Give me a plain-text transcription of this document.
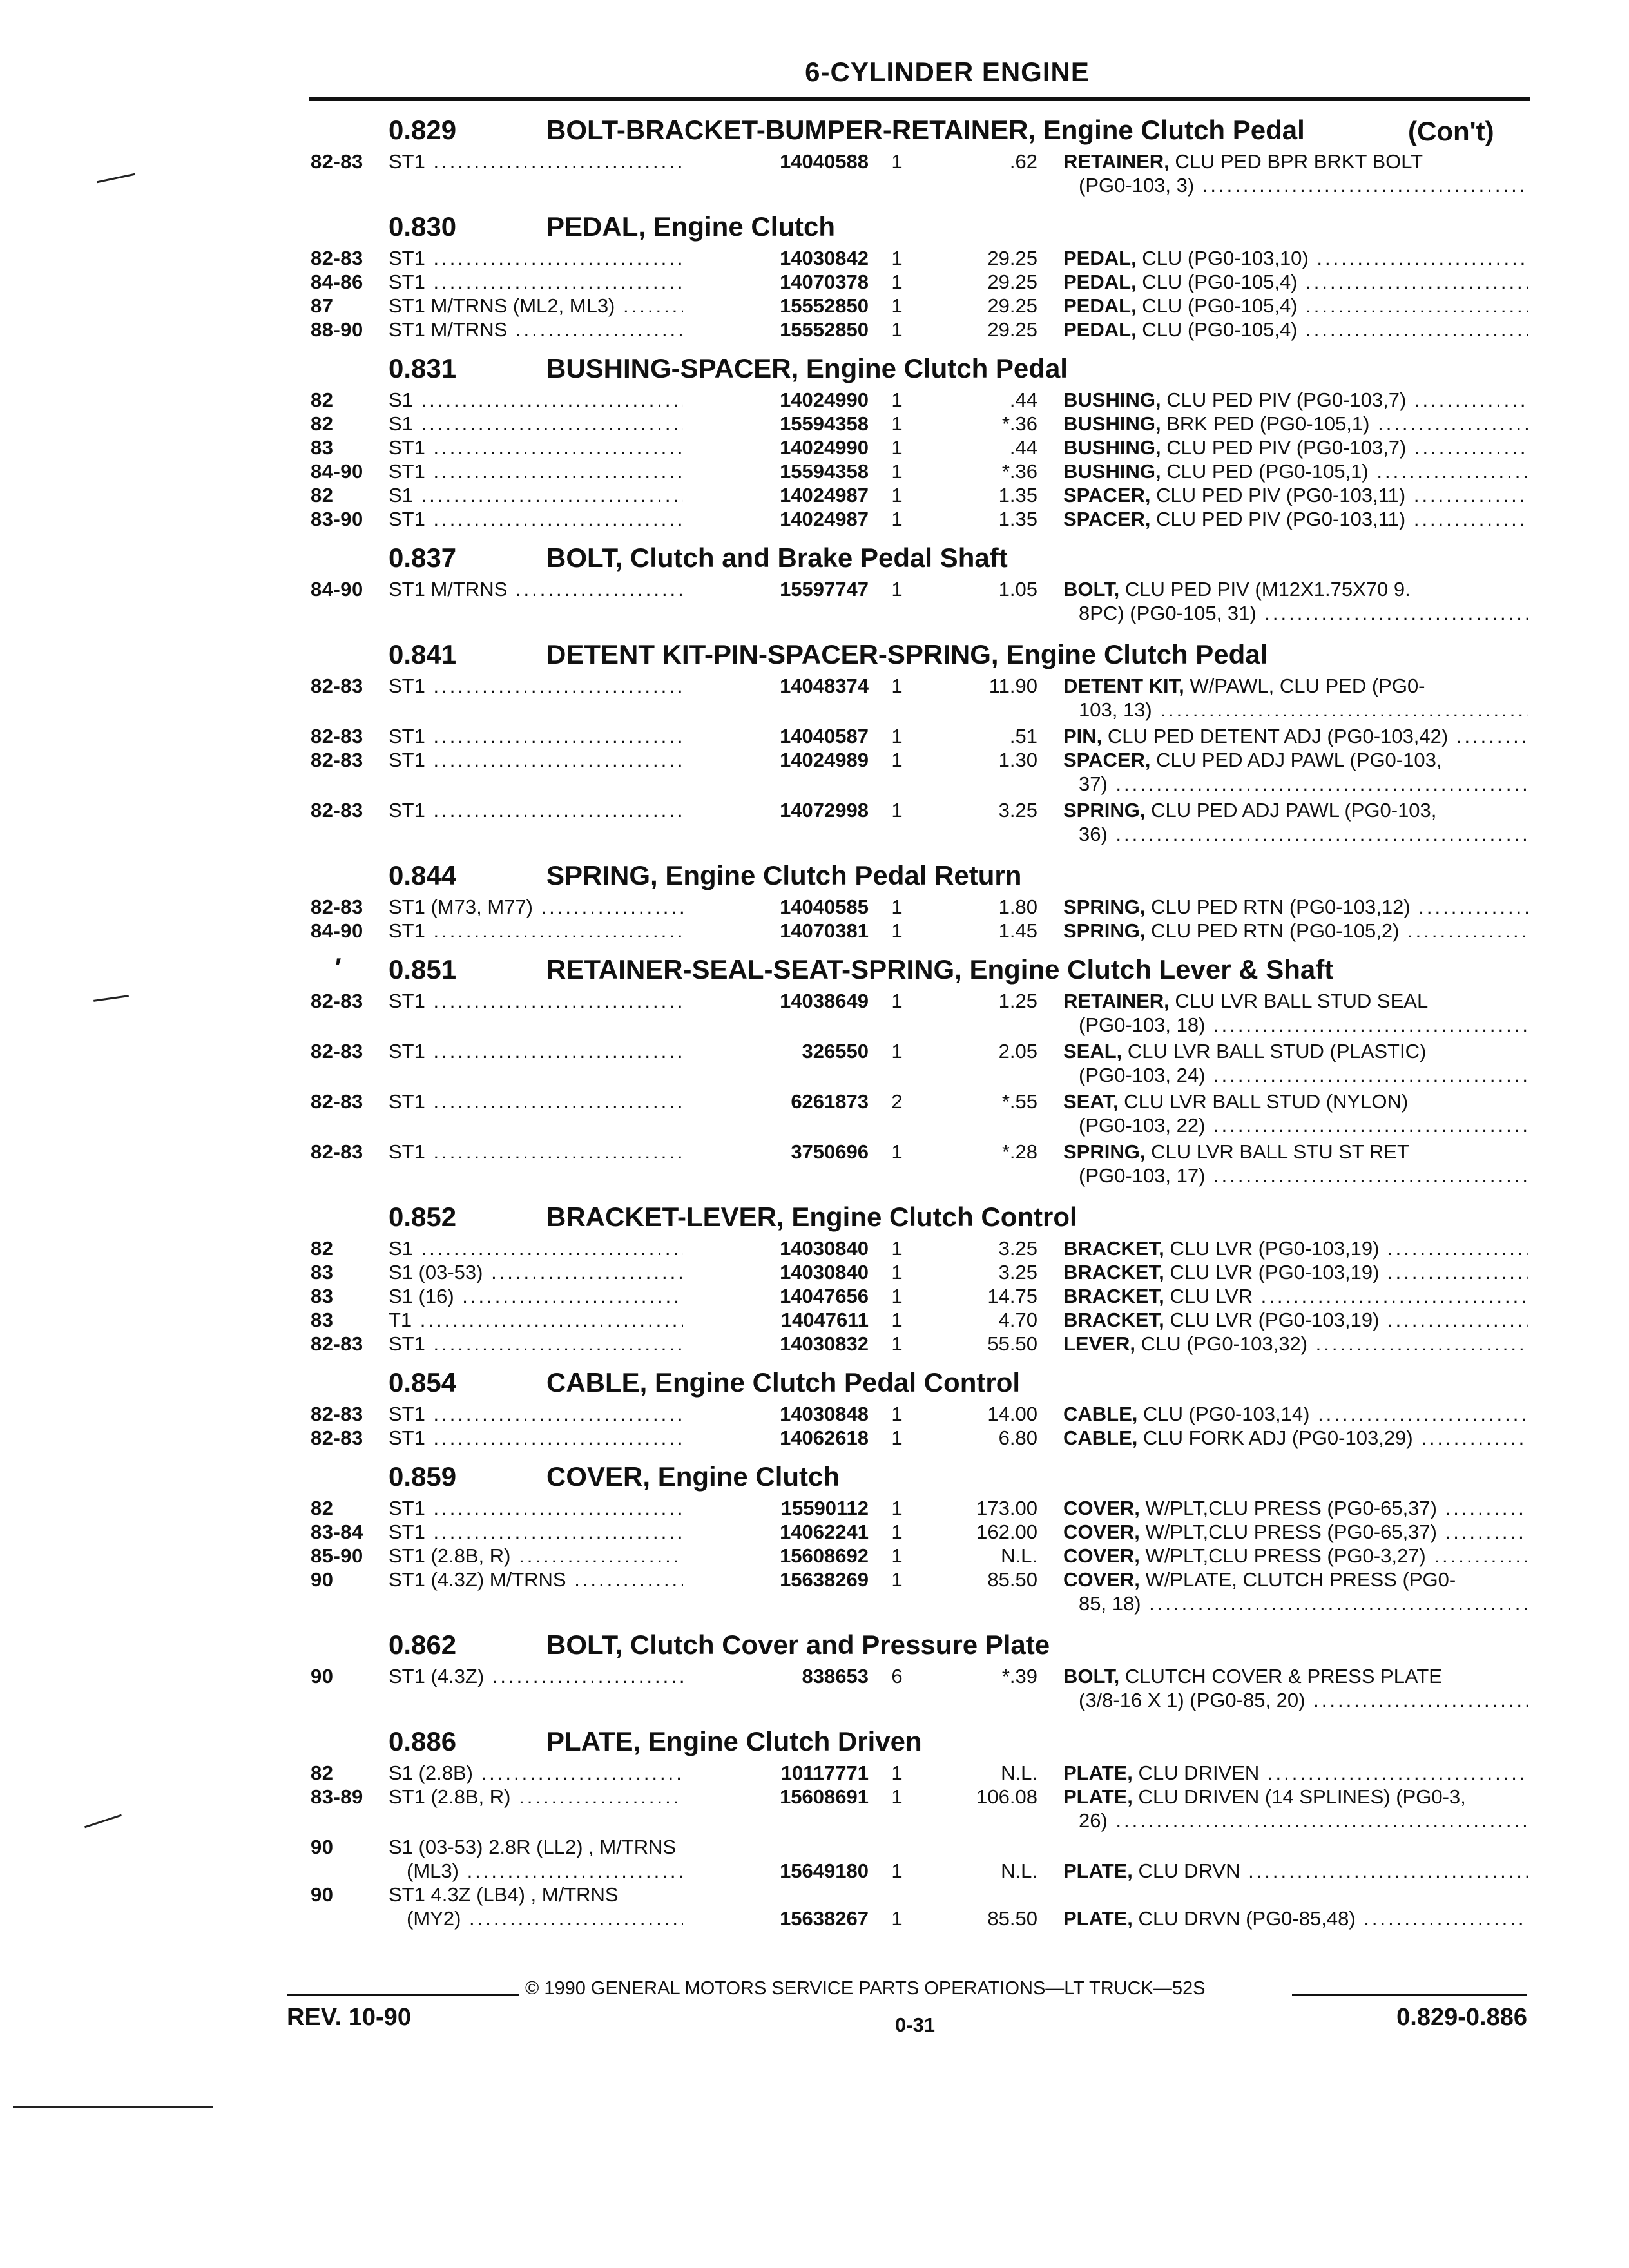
6-CYLINDER ENGINE
0.829	BOLT-BRACKET-BUMPER-RETAINER, Engine Clutch Pedal	(Con't)
82-83 ST1 .....	14040588	1	.62 RETAINER, CLU PED BPR BRKT BOLT
(PG0-103, 3) .....
0.830	PEDAL, Engine Clutch
82-83 ST1 .....	14030842	1	29.25 PEDAL, CLU (PG0-103,10) .....
84-86 ST1 .....	14070378	1	29.25 PEDAL, CLU (PG0-105,4) .....
87	ST1 M/TRNS (ML2, ML3) .....	15552850	1	29.25 PEDAL, CLU (PG0-105,4) .....
88-90 ST1 M/TRNS .....	15552850	1	29.25 PEDAL, CLU (PG0-105,4) .....
0.831	BUSHING-SPACER, Engine Clutch Pedal
82	S1 .....	14024990	1	.44 BUSHING, CLU PED PIV (PG0-103,7) .....
82	S1 .....	15594358	1	*.36 BUSHING, BRK PED (PG0-105,1) .....
83	ST1 .....	14024990	1	.44 BUSHING, CLU PED PIV (PG0-103,7) .....
84-90 ST1 .....	15594358	1	*.36 BUSHING, CLU PED (PG0-105,1) .....
82	S1 .....	14024987	1	1.35 SPACER, CLU PED PIV (PG0-103,11) .....
83-90 ST1 .....	14024987	1	1.35 SPACER, CLU PED PIV (PG0-103,11) .....
0.837	BOLT, Clutch and Brake Pedal Shaft
84-90 ST1 M/TRNS .....	15597747	1	1.05 BOLT, CLU PED PIV (M12X1.75X70 9.
8PC) (PG0-105, 31) .....
0.841	DETENT KIT-PIN-SPACER-SPRING, Engine Clutch Pedal
82-83 ST1 .....	14048374	1	11.90 DETENT KIT, W/PAWL, CLU PED (PG0-
103, 13) .....
82-83 ST1 .....	14040587	1	.51 PIN, CLU PED DETENT ADJ (PG0-103,42) .....
82-83 ST1 .....	14024989	1	1.30 SPACER, CLU PED ADJ PAWL (PG0-103,
37) .....
82-83 ST1 .....	14072998	1	3.25 SPRING, CLU PED ADJ PAWL (PG0-103,
36) .....
0.844	SPRING, Engine Clutch Pedal Return
82-83 ST1 (M73, M77) .....	14040585	1	1.80 SPRING, CLU PED RTN (PG0-103,12) .....
84-90 ST1 .....	14070381	1	1.45 SPRING, CLU PED RTN (PG0-105,2) .....
′ 0.851	RETAINER-SEAL-SEAT-SPRING, Engine Clutch Lever & Shaft
82-83 ST1 .....	14038649	1	1.25 RETAINER, CLU LVR BALL STUD SEAL
(PG0-103, 18) .....
82-83 ST1 .....	326550	1	2.05 SEAL, CLU LVR BALL STUD (PLASTIC)
(PG0-103, 24) .....
82-83 ST1 .....	6261873	2	*.55 SEAT, CLU LVR BALL STUD (NYLON)
(PG0-103, 22) .....
82-83 ST1 .....	3750696	1	*.28 SPRING, CLU LVR BALL STU ST RET
(PG0-103, 17) .....
0.852	BRACKET-LEVER, Engine Clutch Control
82	S1 .....	14030840	1	3.25 BRACKET, CLU LVR (PG0-103,19) .....
83	S1 (03-53) .....	14030840	1	3.25 BRACKET, CLU LVR (PG0-103,19) .....
83	S1 (16) .....	14047656	1	14.75 BRACKET, CLU LVR .....
83	T1 .....	14047611	1	4.70 BRACKET, CLU LVR (PG0-103,19) .....
82-83 ST1 .....	14030832	1	55.50 LEVER, CLU (PG0-103,32) .....
0.854	CABLE, Engine Clutch Pedal Control
82-83 ST1 .....	14030848	1	14.00 CABLE, CLU (PG0-103,14) .....
82-83 ST1 .....	14062618	1	6.80 CABLE, CLU FORK ADJ (PG0-103,29) .....
0.859	COVER, Engine Clutch
82	ST1 .....	15590112	1	173.00 COVER, W/PLT,CLU PRESS (PG0-65,37) .....
83-84 ST1 .....	14062241	1	162.00 COVER, W/PLT,CLU PRESS (PG0-65,37) .....
85-90 ST1 (2.8B, R) .....	15608692	1	N.L. COVER, W/PLT,CLU PRESS (PG0-3,27) .....
90	ST1 (4.3Z) M/TRNS .....	15638269	1	85.50 COVER, W/PLATE, CLUTCH PRESS (PG0-
85, 18) .....
0.862	BOLT, Clutch Cover and Pressure Plate
90	ST1 (4.3Z) .....	838653	6	*.39 BOLT, CLUTCH COVER & PRESS PLATE
(3/8-16 X 1) (PG0-85, 20) .....
0.886	PLATE, Engine Clutch Driven
82	S1 (2.8B) .....	10117771	1	N.L. PLATE, CLU DRIVEN .....
83-89 ST1 (2.8B, R) .....	15608691	1	106.08 PLATE, CLU DRIVEN (14 SPLINES) (PG0-3,
26) .....
90	S1 (03-53) 2.8R (LL2) , M/TRNS
(ML3) .....	15649180	1	N.L. PLATE, CLU DRVN .....
90	ST1 4.3Z (LB4) , M/TRNS
(MY2) .....	15638267	1	85.50 PLATE, CLU DRVN (PG0-85,48) .....
© 1990 GENERAL MOTORS SERVICE PARTS OPERATIONS—LT TRUCK—52S
REV. 10-90	0-31	0.829-0.886
